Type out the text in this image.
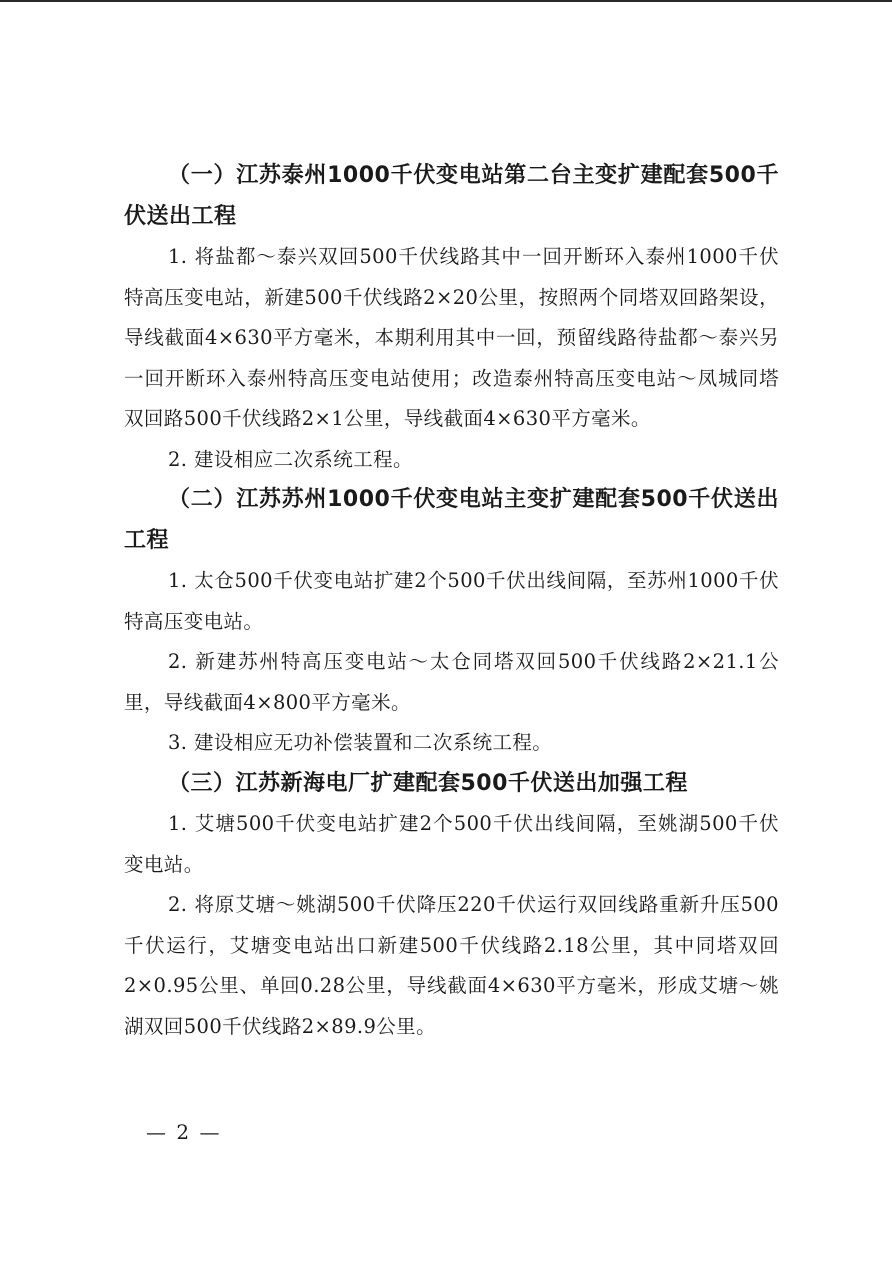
（一）江苏泰州1000千伏变电站第二台主变扩建配套500千伏送出工程

1. 将盐都～泰兴双回500千伏线路其中一回开断环入泰州1000千伏特高压变电站，新建500千伏线路2×20公里，按照两个同塔双回路架设，导线截面4×630平方毫米，本期利用其中一回，预留线路待盐都～泰兴另一回开断环入泰州特高压变电站使用；改造泰州特高压变电站～凤城同塔双回路500千伏线路2×1公里，导线截面4×630平方毫米。

2. 建设相应二次系统工程。

（二）江苏苏州1000千伏变电站主变扩建配套500千伏送出工程

1. 太仓500千伏变电站扩建2个500千伏出线间隔，至苏州1000千伏特高压变电站。

2. 新建苏州特高压变电站～太仓同塔双回500千伏线路2×21.1公里，导线截面4×800平方毫米。

3. 建设相应无功补偿装置和二次系统工程。

（三）江苏新海电厂扩建配套500千伏送出加强工程

1. 艾塘500千伏变电站扩建2个500千伏出线间隔，至姚湖500千伏变电站。

2. 将原艾塘～姚湖500千伏降压220千伏运行双回线路重新升压500千伏运行，艾塘变电站出口新建500千伏线路2.18公里，其中同塔双回2×0.95公里、单回0.28公里，导线截面4×630平方毫米，形成艾塘～姚湖双回500千伏线路2×89.9公里。

— 2 —
